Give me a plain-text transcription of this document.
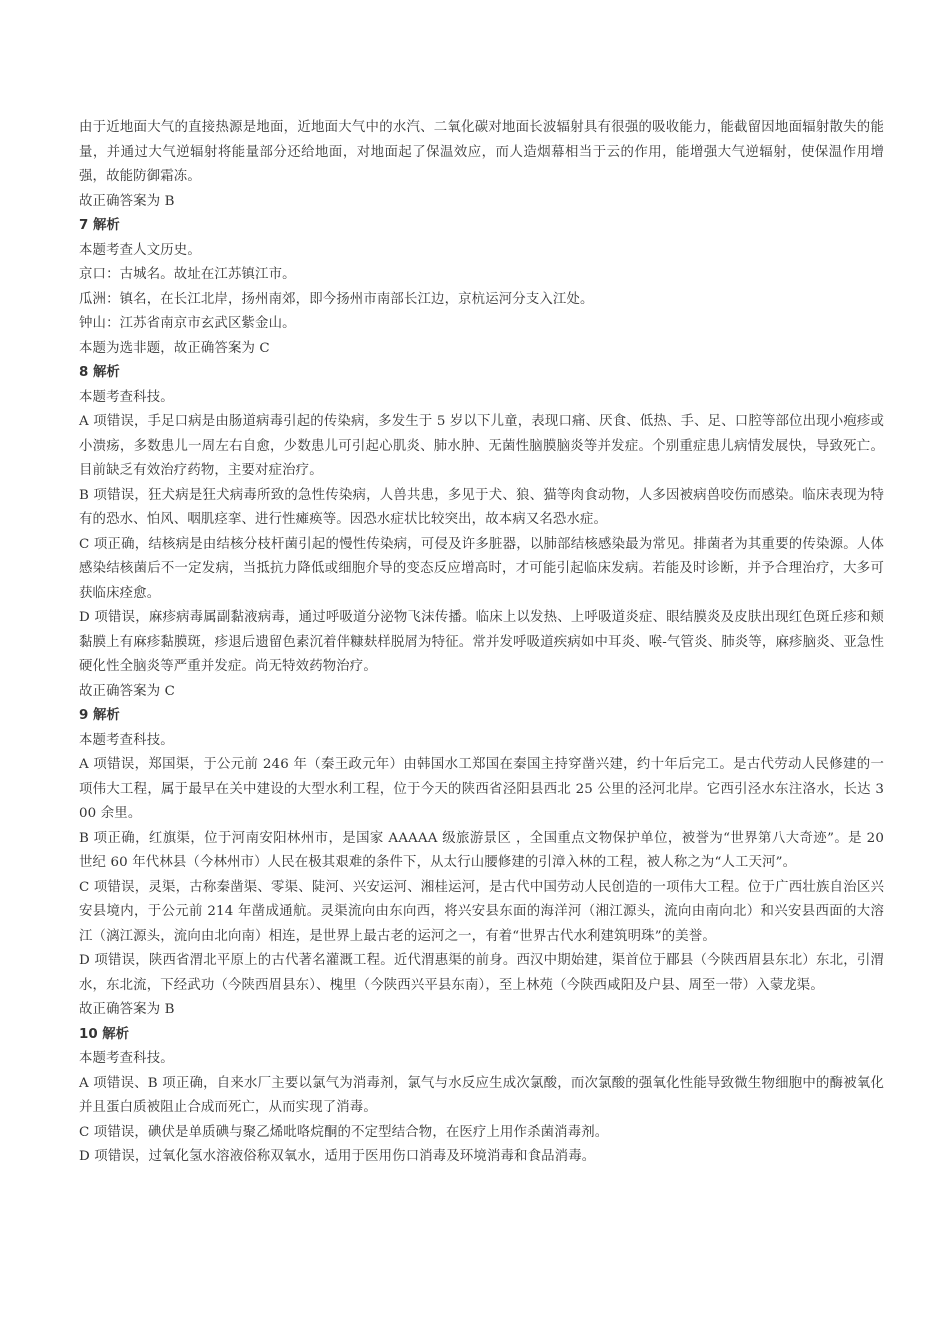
由于近地面大气的直接热源是地面，近地面大气中的水汽、二氧化碳对地面长波辐射具有很强的吸收能力，能截留因地面辐射散失的能量，并通过大气逆辐射将能量部分还给地面，对地面起了保温效应，而人造烟幕相当于云的作用，能增强大气逆辐射，使保温作用增强，故能防御霜冻。

故正确答案为 B

7 解析

本题考查人文历史。

京口：古城名。故址在江苏镇江市。

瓜洲：镇名，在长江北岸，扬州南郊，即今扬州市南部长江边，京杭运河分支入江处。

钟山：江苏省南京市玄武区紫金山。

本题为选非题，故正确答案为 C

8 解析

本题考查科技。

A 项错误，手足口病是由肠道病毒引起的传染病，多发生于 5 岁以下儿童，表现口痛、厌食、低热、手、足、口腔等部位出现小疱疹或小溃疡，多数患儿一周左右自愈，少数患儿可引起心肌炎、肺水肿、无菌性脑膜脑炎等并发症。个别重症患儿病情发展快，导致死亡。目前缺乏有效治疗药物，主要对症治疗。

B 项错误，狂犬病是狂犬病毒所致的急性传染病，人兽共患，多见于犬、狼、猫等肉食动物，人多因被病兽咬伤而感染。临床表现为特有的恐水、怕风、咽肌痉挛、进行性瘫痪等。因恐水症状比较突出，故本病又名恐水症。

C 项正确，结核病是由结核分枝杆菌引起的慢性传染病，可侵及许多脏器，以肺部结核感染最为常见。排菌者为其重要的传染源。人体感染结核菌后不一定发病，当抵抗力降低或细胞介导的变态反应增高时，才可能引起临床发病。若能及时诊断，并予合理治疗，大多可获临床痊愈。

D 项错误，麻疹病毒属副黏液病毒，通过呼吸道分泌物飞沫传播。临床上以发热、上呼吸道炎症、眼结膜炎及皮肤出现红色斑丘疹和颊黏膜上有麻疹黏膜斑，疹退后遗留色素沉着伴糠麸样脱屑为特征。常并发呼吸道疾病如中耳炎、喉-气管炎、肺炎等，麻疹脑炎、亚急性硬化性全脑炎等严重并发症。尚无特效药物治疗。

故正确答案为 C

9 解析

本题考查科技。

A 项错误，郑国渠，于公元前 246 年（秦王政元年）由韩国水工郑国在秦国主持穿凿兴建，约十年后完工。是古代劳动人民修建的一项伟大工程，属于最早在关中建设的大型水利工程，位于今天的陕西省泾阳县西北 25 公里的泾河北岸。它西引泾水东注洛水，长达 300 余里。

B 项正确，红旗渠，位于河南安阳林州市，是国家 AAAAA 级旅游景区 ，全国重点文物保护单位，被誉为“世界第八大奇迹”。是 20 世纪 60 年代林县（今林州市）人民在极其艰难的条件下，从太行山腰修建的引漳入林的工程，被人称之为“人工天河”。

C 项错误，灵渠，古称秦凿渠、零渠、陡河、兴安运河、湘桂运河，是古代中国劳动人民创造的一项伟大工程。位于广西壮族自治区兴安县境内，于公元前 214 年凿成通航。灵渠流向由东向西，将兴安县东面的海洋河（湘江源头，流向由南向北）和兴安县西面的大溶江（漓江源头，流向由北向南）相连，是世界上最古老的运河之一，有着“世界古代水利建筑明珠”的美誉。

D 项错误，陕西省渭北平原上的古代著名灌溉工程。近代渭惠渠的前身。西汉中期始建，渠首位于郿县（今陕西眉县东北）东北，引渭水，东北流，下经武功（今陕西眉县东）、槐里（今陕西兴平县东南），至上林苑（今陕西咸阳及户县、周至一带）入蒙龙渠。

故正确答案为 B

10 解析

本题考查科技。

A 项错误、B 项正确，自来水厂主要以氯气为消毒剂，氯气与水反应生成次氯酸，而次氯酸的强氧化性能导致微生物细胞中的酶被氧化并且蛋白质被阻止合成而死亡，从而实现了消毒。

C 项错误，碘伏是单质碘与聚乙烯吡咯烷酮的不定型结合物，在医疗上用作杀菌消毒剂。

D 项错误，过氧化氢水溶液俗称双氧水，适用于医用伤口消毒及环境消毒和食品消毒。
